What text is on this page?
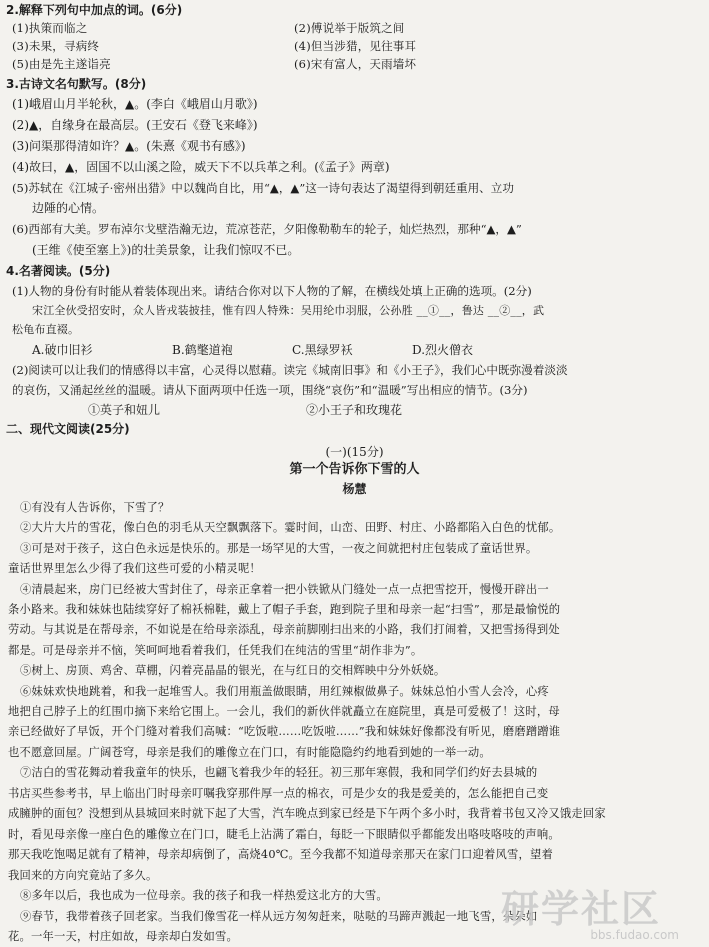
2.解释下列句中加点的词。(6分)
(1)执策而临之	(2)傅说举于版筑之间
(3)未果，寻病终	(4)但当涉猎，见往事耳
(5)由是先主遂诣亮	(6)宋有富人，天雨墙坏
3.古诗文名句默写。(8分)
(1)峨眉山月半轮秋，▲。(李白《峨眉山月歌》)
(2)▲，自缘身在最高层。(王安石《登飞来峰》)
(3)问渠那得清如许？▲。(朱熹《观书有感》)
(4)故曰，▲，固国不以山溪之险，威天下不以兵革之利。(《孟子》两章)
(5)苏轼在《江城子·密州出猎》中以魏尚自比，用“▲，▲”这一诗句表达了渴望得到朝廷重用、立功
边陲的心情。
(6)西部有大美。罗布淖尔戈壁浩瀚无边，荒凉苍茫，夕阳像勒勒车的轮子，灿烂热烈，那种“▲，▲”
(王维《使至塞上》)的壮美景象，让我们惊叹不已。
4.名著阅读。(5分)
(1)人物的身份有时能从着装体现出来。请结合你对以下人物的了解，在横线处填上正确的选项。(2分)
宋江全伙受招安时，众人皆戎装披挂，惟有四人特殊：吴用纶巾羽服，公孙胜 __①__，鲁达 __②__，武
松龟布直裰。
A.破巾旧衫	B.鹤氅道袍	C.黑绿罗袄	D.烈火僧衣
(2)阅读可以让我们的情感得以丰富，心灵得以慰藉。读完《城南旧事》和《小王子》，我们心中既弥漫着淡淡
的哀伤，又涌起丝丝的温暖。请从下面两项中任选一项，围绕“哀伤”和“温暖”写出相应的情节。(3分)
①英子和妞儿	②小王子和玫瑰花
二、现代文阅读(25分)
(一)(15分)
第一个告诉你下雪的人
杨慧
①有没有人告诉你，下雪了？
②大片大片的雪花，像白色的羽毛从天空飘飘落下。霎时间，山峦、田野、村庄、小路都陷入白色的忧郁。
③可是对于孩子，这白色永远是快乐的。那是一场罕见的大雪，一夜之间就把村庄包装成了童话世界。
童话世界里怎么少得了我们这些可爱的小精灵呢！
④清晨起来，房门已经被大雪封住了，母亲正拿着一把小铁锨从门缝处一点一点把雪挖开，慢慢开辟出一
条小路来。我和妹妹也陆续穿好了棉袄棉鞋，戴上了帽子手套，跑到院子里和母亲一起“扫雪”，那是最愉悦的
劳动。与其说是在帮母亲，不如说是在给母亲添乱，母亲前脚刚扫出来的小路，我们打闹着，又把雪扬得到处
都是。可是母亲并不恼，笑呵呵地看着我们，任凭我们在纯洁的雪里“胡作非为”。
⑤树上、房顶、鸡舍、草棚，闪着亮晶晶的银光，在与红日的交相辉映中分外妖娆。
⑥妹妹欢快地跳着，和我一起堆雪人。我们用瓶盖做眼睛，用红辣椒做鼻子。妹妹总怕小雪人会冷，心疼
地把自己脖子上的红围巾摘下来给它围上。一会儿，我们的新伙伴就矗立在庭院里，真是可爱极了！这时，母
亲已经做好了早饭，开个门缝对着我们高喊：“吃饭啦……吃饭啦……”我和妹妹好像都没有听见，磨磨蹭蹭谁
也不愿意回屋。广阔苍穹，母亲是我们的雕像立在门口，有时能隐隐约约地看到她的一举一动。
⑦洁白的雪花舞动着我童年的快乐，也翩飞着我少年的轻狂。初三那年寒假，我和同学们约好去县城的
书店买些参考书，早上临出门时母亲叮嘱我穿那件厚一点的棉衣，可是少女的我是爱美的，怎么能把自己变
成臃肿的面包？没想到从县城回来时就下起了大雪，汽车晚点到家已经是下午两个多小时，我背着书包又冷又饿走回家
时，看见母亲像一座白色的雕像立在门口，睫毛上沾满了霜白，每眨一下眼睛似乎都能发出咯吱咯吱的声响。
那天我吃饱喝足就有了精神，母亲却病倒了，高烧40℃。至今我都不知道母亲那天在家门口迎着风雪，望着
我回来的方向究竟站了多久。
⑧多年以后，我也成为一位母亲。我的孩子和我一样热爱这北方的大雪。
⑨春节，我带着孩子回老家。当我们像雪花一样从远方匆匆赶来，哒哒的马蹄声溅起一地飞雪，朵朵如
花。一年一天，村庄如故，母亲却白发如雪。
研学社区
bbs.fudao.com
